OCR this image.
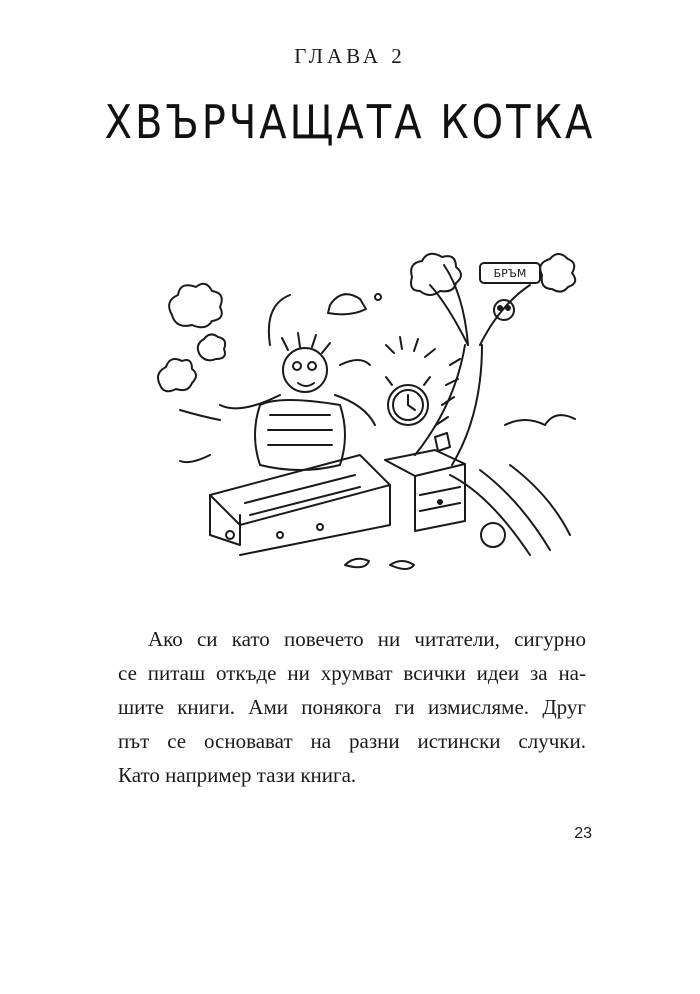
ГЛАВА 2
ХВЪРЧАЩАТА КОТКА
БРЪМ

Ако си като повечето ни читатели, сигурно
се питаш откъде ни хрумват всички идеи за на-
шите книги. Ами понякога ги измисляме. Друг
път се основават на разни истински случки.
Като например тази книга.

23
